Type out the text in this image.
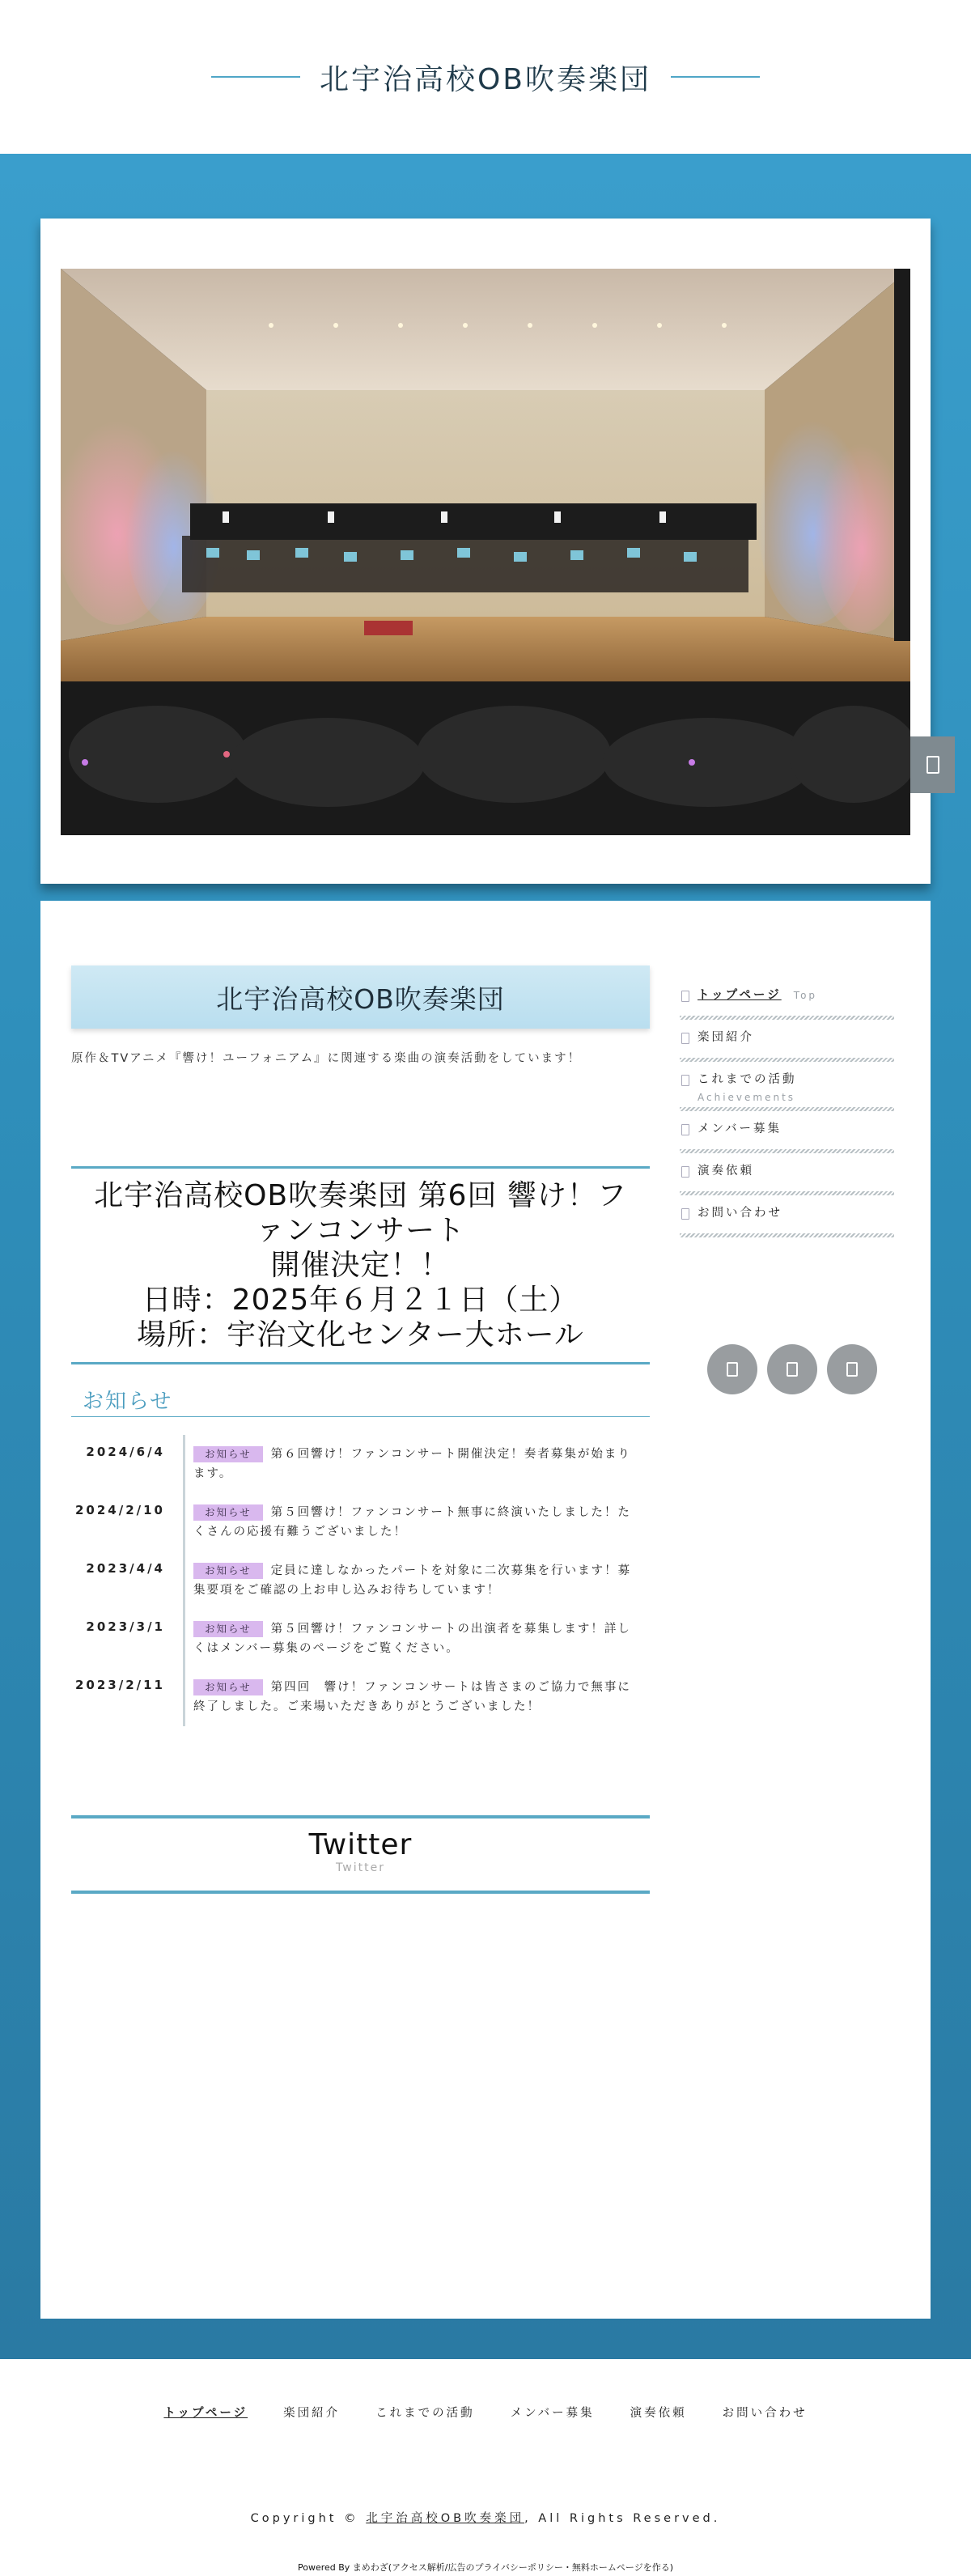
北宇治高校OB吹奏楽団
北宇治高校OB吹奏楽団

原作＆TVアニメ『響け！ユーフォニアム』に関連する楽曲の演奏活動をしています！

北宇治高校OB吹奏楽団 第6回 響け！フ
ァンコンサート
開催決定！！
日時：2025年６月２１日（土）
場所：宇治文化センター大ホール
お知らせ
2024/6/4	お知らせ 第６回響け！ファンコンサート開催決定！奏者募集が始まります。
2024/2/10	お知らせ 第５回響け！ファンコンサート無事に終演いたしました！たくさんの応援有難うございました！
2023/4/4	お知らせ 定員に達しなかったパートを対象に二次募集を行います！募集要項をご確認の上お申し込みお待ちしています！
2023/3/1	お知らせ 第５回響け！ファンコンサートの出演者を募集します！詳しくはメンバー募集のページをご覧ください。
2023/2/11	お知らせ 第四回　響け！ファンコンサートは皆さまのご協力で無事に終了しました。ご来場いただきありがとうございました！
Twitter
Twitter
トップページ Top
楽団紹介
これまでの活動
Achievements
メンバー募集
演奏依頼
お問い合わせ
トップページ	楽団紹介	これまでの活動	メンバー募集	演奏依頼	お問い合わせ
Copyright © 北宇治高校OB吹奏楽団, All Rights Reserved.
Powered By まめわざ(アクセス解析/広告のプライバシーポリシー・無料ホームページを作る)
